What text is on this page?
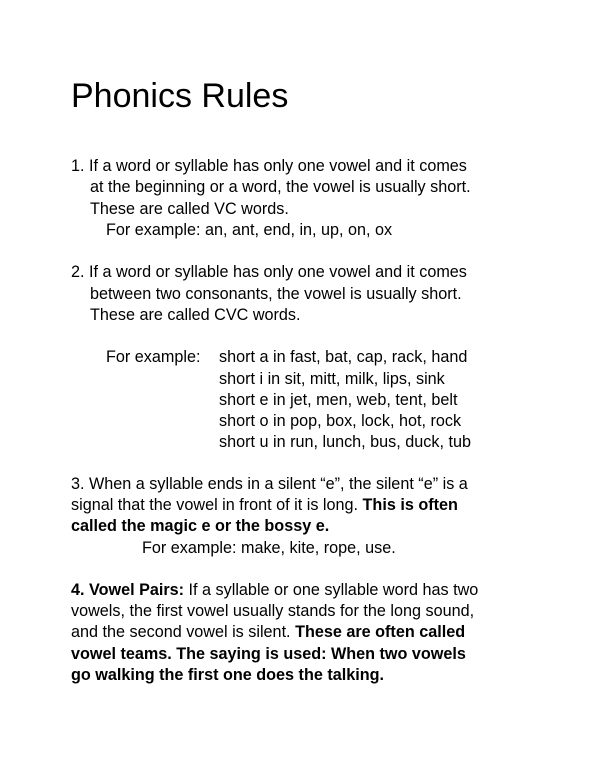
Phonics Rules
1. If a word or syllable has only one vowel and it comes
at the beginning or a word, the vowel is usually short.
These are called VC words.
For example: an, ant, end, in, up, on, ox
2. If a word or syllable has only one vowel and it comes
between two consonants, the vowel is usually short.
These are called CVC words.
For example: short a in fast, bat, cap, rack, hand
short i in sit, mitt, milk, lips, sink
short e in jet, men, web, tent, belt
short o in pop, box, lock, hot, rock
short u in run, lunch, bus, duck, tub
3. When a syllable ends in a silent “e”, the silent “e” is a
signal that the vowel in front of it is long. This is often
called the magic e or the bossy e.
For example: make, kite, rope, use.
4. Vowel Pairs: If a syllable or one syllable word has two
vowels, the first vowel usually stands for the long sound,
and the second vowel is silent. These are often called
vowel teams. The saying is used: When two vowels
go walking the first one does the talking.
